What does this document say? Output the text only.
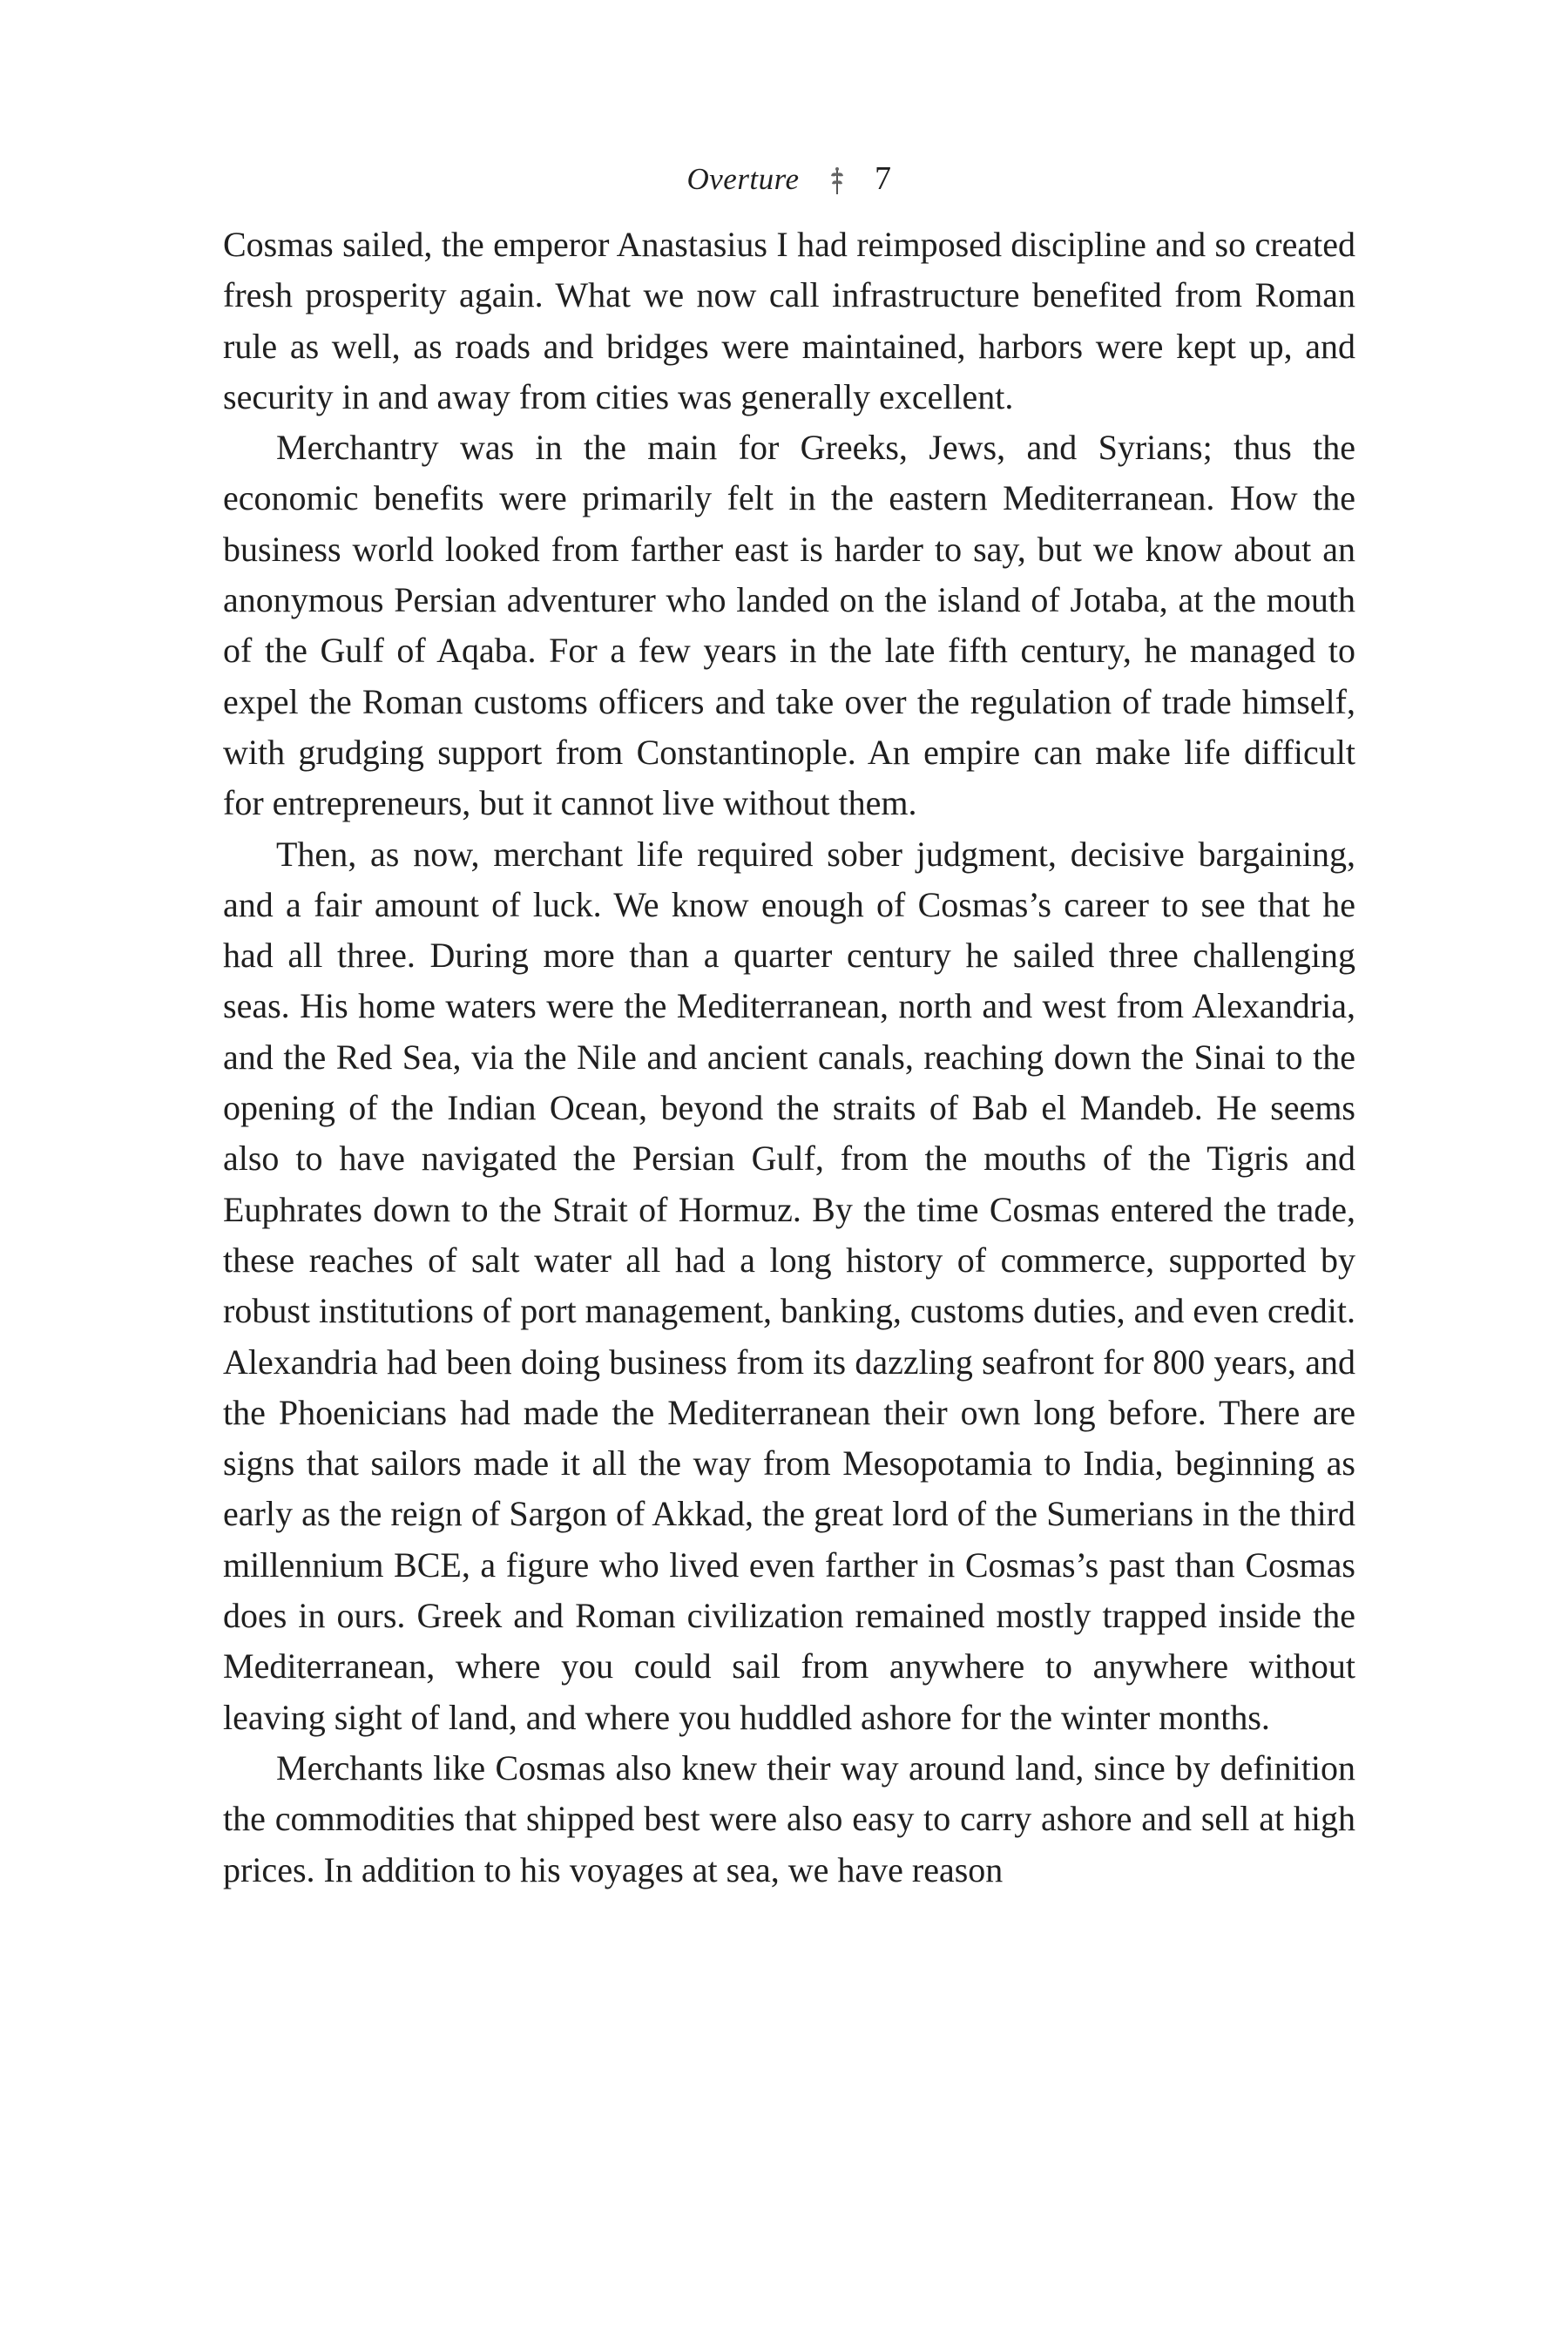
Overture 7

Cosmas sailed, the emperor Anastasius I had reimposed discipline and so created fresh prosperity again. What we now call infrastructure benefited from Roman rule as well, as roads and bridges were maintained, harbors were kept up, and security in and away from cities was generally excellent.

Merchantry was in the main for Greeks, Jews, and Syrians; thus the economic benefits were primarily felt in the eastern Mediterranean. How the business world looked from farther east is harder to say, but we know about an anonymous Persian adventurer who landed on the island of Jotaba, at the mouth of the Gulf of Aqaba. For a few years in the late fifth century, he managed to expel the Roman customs officers and take over the regulation of trade himself, with grudging support from Constantinople. An empire can make life difficult for entrepreneurs, but it cannot live without them.

Then, as now, merchant life required sober judgment, decisive bargaining, and a fair amount of luck. We know enough of Cosmas’s career to see that he had all three. During more than a quarter century he sailed three challenging seas. His home waters were the Mediterranean, north and west from Alexandria, and the Red Sea, via the Nile and ancient canals, reaching down the Sinai to the opening of the Indian Ocean, beyond the straits of Bab el Mandeb. He seems also to have navigated the Persian Gulf, from the mouths of the Tigris and Euphrates down to the Strait of Hormuz. By the time Cosmas entered the trade, these reaches of salt water all had a long history of commerce, supported by robust institutions of port management, banking, customs duties, and even credit. Alexandria had been doing business from its dazzling seafront for 800 years, and the Phoenicians had made the Mediterranean their own long before. There are signs that sailors made it all the way from Mesopotamia to India, beginning as early as the reign of Sargon of Akkad, the great lord of the Sumerians in the third millennium BCE, a figure who lived even farther in Cosmas’s past than Cosmas does in ours. Greek and Roman civilization remained mostly trapped inside the Mediterranean, where you could sail from anywhere to anywhere without leaving sight of land, and where you huddled ashore for the winter months.

Merchants like Cosmas also knew their way around land, since by definition the commodities that shipped best were also easy to carry ashore and sell at high prices. In addition to his voyages at sea, we have reason
